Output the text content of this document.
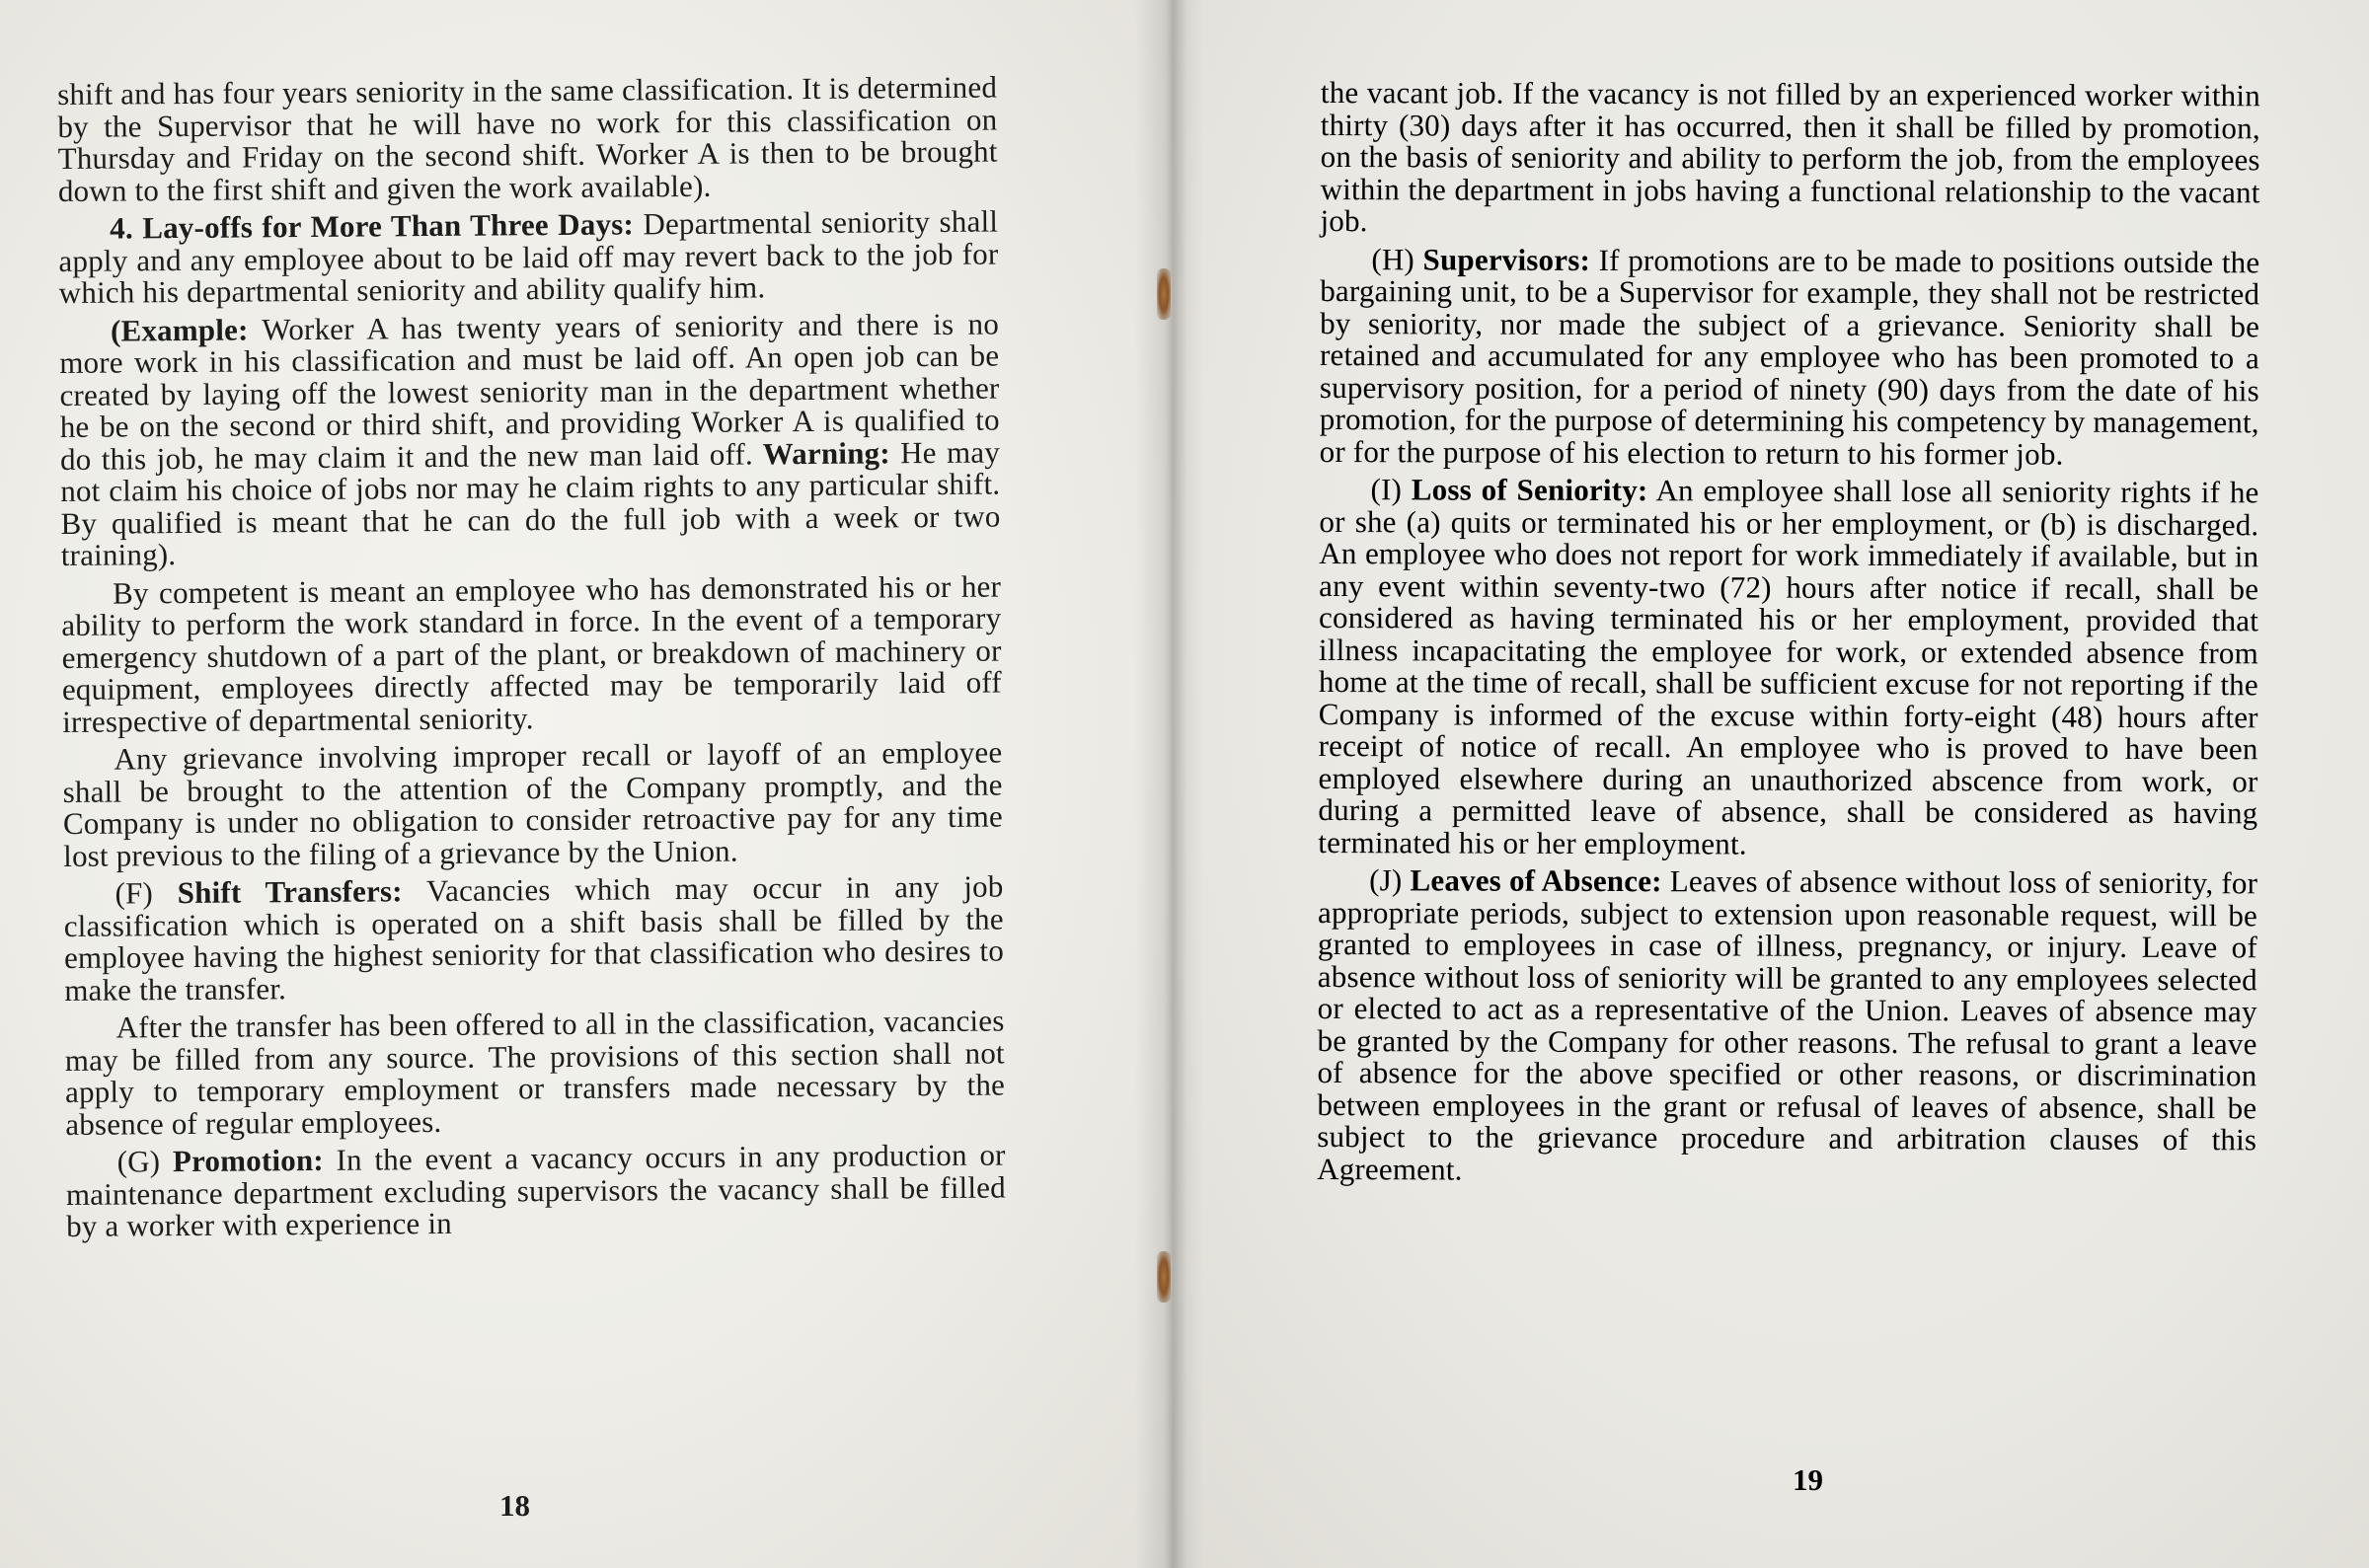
shift and has four years seniority in the same classification. It is determined by the Supervisor that he will have no work for this classification on Thursday and Friday on the second shift. Worker A is then to be brought down to the first shift and given the work available).

4. Lay-offs for More Than Three Days: Departmental seniority shall apply and any employee about to be laid off may revert back to the job for which his departmental seniority and ability qualify him.

(Example: Worker A has twenty years of seniority and there is no more work in his classification and must be laid off. An open job can be created by laying off the lowest seniority man in the department whether he be on the second or third shift, and providing Worker A is qualified to do this job, he may claim it and the new man laid off. Warning: He may not claim his choice of jobs nor may he claim rights to any particular shift. By qualified is meant that he can do the full job with a week or two training).

By competent is meant an employee who has demonstrated his or her ability to perform the work standard in force. In the event of a temporary emergency shutdown of a part of the plant, or breakdown of machinery or equipment, employees directly affected may be temporarily laid off irrespective of departmental seniority.

Any grievance involving improper recall or layoff of an employee shall be brought to the attention of the Company promptly, and the Company is under no obligation to consider retroactive pay for any time lost previous to the filing of a grievance by the Union.

(F) Shift Transfers: Vacancies which may occur in any job classification which is operated on a shift basis shall be filled by the employee having the highest seniority for that classification who desires to make the transfer.

After the transfer has been offered to all in the classification, vacancies may be filled from any source. The provisions of this section shall not apply to temporary employment or transfers made necessary by the absence of regular employees.

(G) Promotion: In the event a vacancy occurs in any production or maintenance department excluding supervisors the vacancy shall be filled by a worker with experience in

18

the vacant job. If the vacancy is not filled by an experienced worker within thirty (30) days after it has occurred, then it shall be filled by promotion, on the basis of seniority and ability to perform the job, from the employees within the department in jobs having a functional relationship to the vacant job.

(H) Supervisors: If promotions are to be made to positions outside the bargaining unit, to be a Supervisor for example, they shall not be restricted by seniority, nor made the subject of a grievance. Seniority shall be retained and accumulated for any employee who has been promoted to a supervisory position, for a period of ninety (90) days from the date of his promotion, for the purpose of determining his competency by management, or for the purpose of his election to return to his former job.

(I) Loss of Seniority: An employee shall lose all seniority rights if he or she (a) quits or terminated his or her employment, or (b) is discharged. An employee who does not report for work immediately if available, but in any event within seventy-two (72) hours after notice if recall, shall be considered as having terminated his or her employment, provided that illness incapacitating the employee for work, or extended absence from home at the time of recall, shall be sufficient excuse for not reporting if the Company is informed of the excuse within forty-eight (48) hours after receipt of notice of recall. An employee who is proved to have been employed elsewhere during an unauthorized abscence from work, or during a permitted leave of absence, shall be considered as having terminated his or her employment.

(J) Leaves of Absence: Leaves of absence without loss of seniority, for appropriate periods, subject to extension upon reasonable request, will be granted to employees in case of illness, pregnancy, or injury. Leave of absence without loss of seniority will be granted to any employees selected or elected to act as a representative of the Union. Leaves of absence may be granted by the Company for other reasons. The refusal to grant a leave of absence for the above specified or other reasons, or discrimination between employees in the grant or refusal of leaves of absence, shall be subject to the grievance procedure and arbitration clauses of this Agreement.

19
